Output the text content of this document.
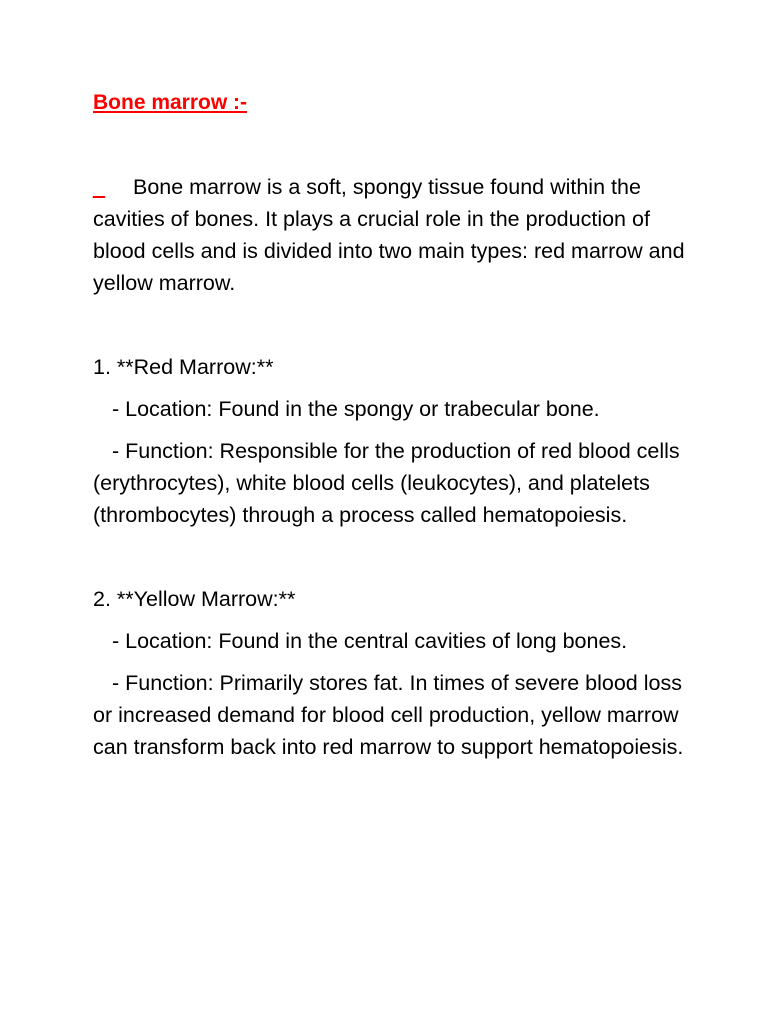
Bone marrow :-

_ Bone marrow is a soft, spongy tissue found within the cavities of bones. It plays a crucial role in the production of blood cells and is divided into two main types: red marrow and yellow marrow.

1. **Red Marrow:**

- Location: Found in the spongy or trabecular bone.

- Function: Responsible for the production of red blood cells (erythrocytes), white blood cells (leukocytes), and platelets (thrombocytes) through a process called hematopoiesis.

2. **Yellow Marrow:**

- Location: Found in the central cavities of long bones.

- Function: Primarily stores fat. In times of severe blood loss or increased demand for blood cell production, yellow marrow can transform back into red marrow to support hematopoiesis.
